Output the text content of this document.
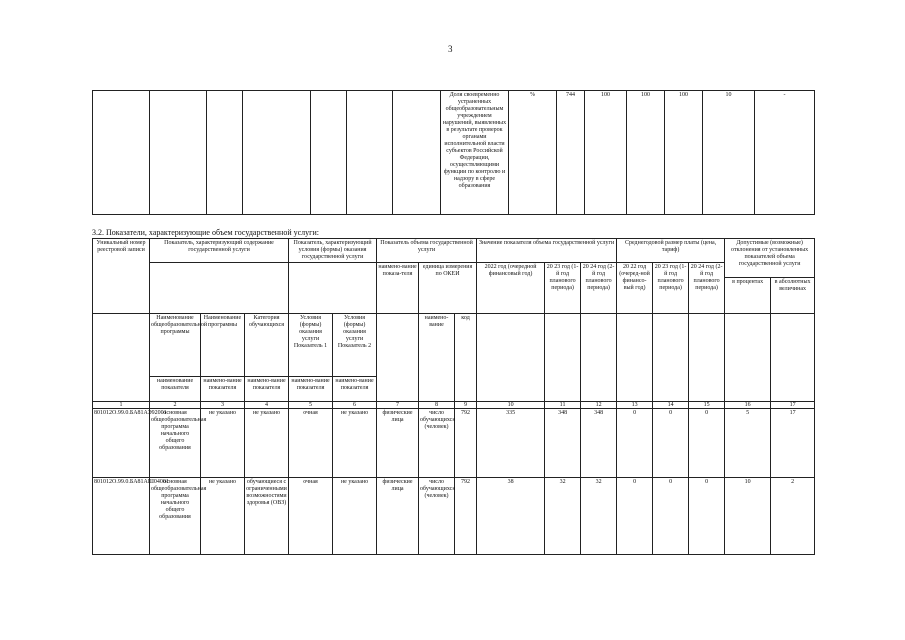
3
							Доля своевременно устраненных общеобразовательным учреждением нарушений, выявленных в результате проверок органами исполнительной власти субъектов Российской Федерации, осуществляющими функции по контролю и надзору в сфере образования	%	744	100	100	100	10	-
3.2. Показатели, характеризующие объем государственной услуги:
Уникальный номер реестровой записи	Показатель, характеризующий содержание государственной услуги			Показатель, характеризующий условия (формы) оказания государственной услуги		Показатель объема государственной услуги			Значение показателя объема государственной услуги			Среднегодовой размер платы (цена, тариф)			Допустимые (возможные) отклонения от установленных показателей объема государственной услуги	
						наимено-вание показа-теля	единица измерения по ОКЕИ		2022 год (очередной финансовый год)	20 23 год (1-й год планового периода)	20 24 год (2-й год планового периода)	20 22 год (очеред-ной финансо-вый год)	20 23 год (1-й год планового периода)	20 24 год (2-й год планового периода)		
															в процентах	в абсолютных величинах
	Наименование общеобразовательной программы	Наименование программы	Категория обучающихся	Условия (формы) оказания услуги Показатель 1	Условия (формы) оказания услуги Показатель 2		наимено-вание	код								
	наименование показателя	наимено-вание показателя	наимено-вание показателя	наимено-вание показателя	наимено-вание показателя											
1	2	3	4	5	6	7	8	9	10	11	12	13	14	15	16	17
801012О.99.0.БА81АЭ92001	основная общеобразовательная программа начального общего образования	не указано	не указано	очная	не указано	физические лица	число обучающихся (человек)	792	335	348	348	0	0	0	5	17
801012О.99.0.БА81АШ04001	основная общеобразовательная программа начального общего образования	не указано	обучающиеся с ограниченными возможностями здоровья (ОВЗ)	очная	не указано	физические лица	число обучающихся (человек)	792	38	32	32	0	0	0	10	2
